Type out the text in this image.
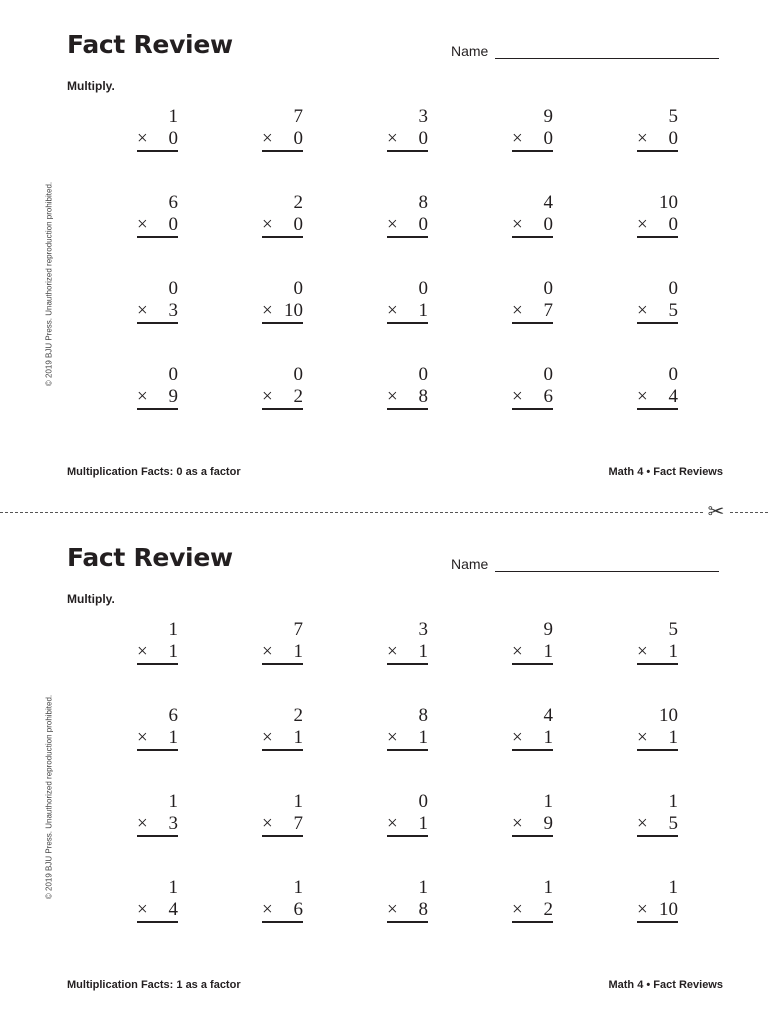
Fact Review	Name
Multiply.
1
× 0
7
× 0
3
× 0
9
× 0
5
× 0
6
× 0
2
× 0
8
× 0
4
× 0
10
× 0
0
× 3
0
× 10
0
× 1
0
× 7
0
× 5
0
× 9
0
× 2
0
× 8
0
× 6
0
× 4
© 2019 BJU Press. Unauthorized reproduction prohibited.
Multiplication Facts: 0 as a factor	Math 4 • Fact Reviews
✂
Fact Review	Name
Multiply.
1
× 1
7
× 1
3
× 1
9
× 1
5
× 1
6
× 1
2
× 1
8
× 1
4
× 1
10
× 1
1
× 3
1
× 7
0
× 1
1
× 9
1
× 5
1
× 4
1
× 6
1
× 8
1
× 2
1
× 10
© 2019 BJU Press. Unauthorized reproduction prohibited.
Multiplication Facts: 1 as a factor	Math 4 • Fact Reviews
